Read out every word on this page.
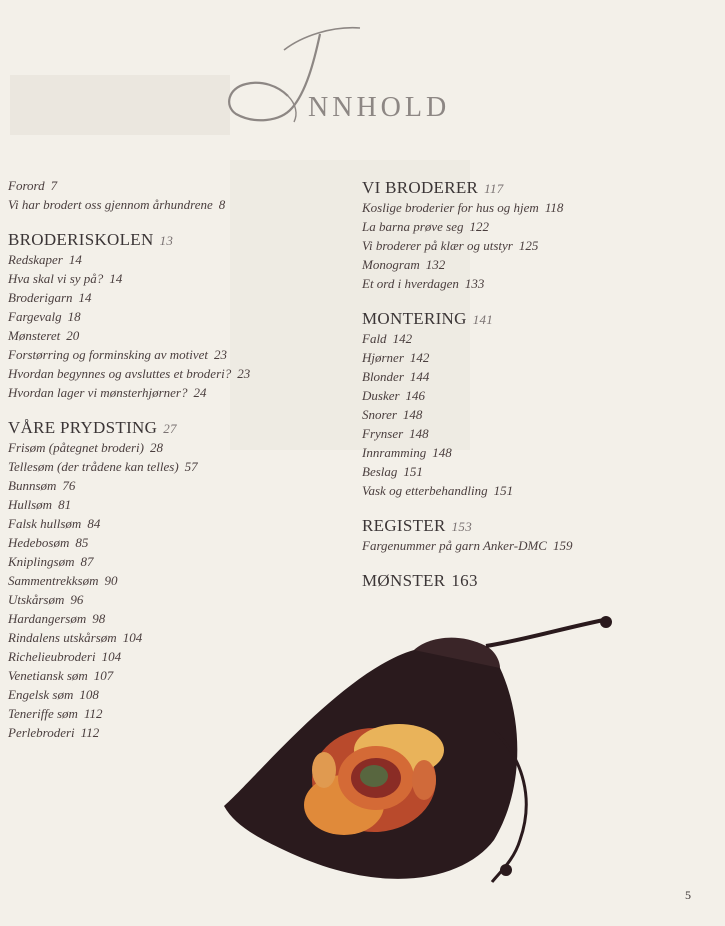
J
NNHOLD
Forord 7
Vi har brodert oss gjennom århundrene 8
BRODERISKOLEN 13
Redskaper 14
Hva skal vi sy på? 14
Broderigarn 14
Fargevalg 18
Mønsteret 20
Forstørring og forminsking av motivet 23
Hvordan begynnes og avsluttes et broderi? 23
Hvordan lager vi mønsterhjørner? 24
VÅRE PRYDSTING 27
Frisøm (påtegnet broderi) 28
Tellesøm (der trådene kan telles) 57
Bunnsøm 76
Hullsøm 81
Falsk hullsøm 84
Hedebosøm 85
Kniplingsøm 87
Sammentrekksøm 90
Utskårsøm 96
Hardangersøm 98
Rindalens utskårsøm 104
Richelieubroderi 104
Venetiansk søm 107
Engelsk søm 108
Teneriffe søm 112
Perlebroderi 112
VI BRODERER 117
Koslige broderier for hus og hjem 118
La barna prøve seg 122
Vi broderer på klær og utstyr 125
Monogram 132
Et ord i hverdagen 133
MONTERING 141
Fald 142
Hjørner 142
Blonder 144
Dusker 146
Snorer 148
Frynser 148
Innramming 148
Beslag 151
Vask og etterbehandling 151
REGISTER 153
Fargenummer på garn Anker-DMC 159
MØNSTER 163
5
